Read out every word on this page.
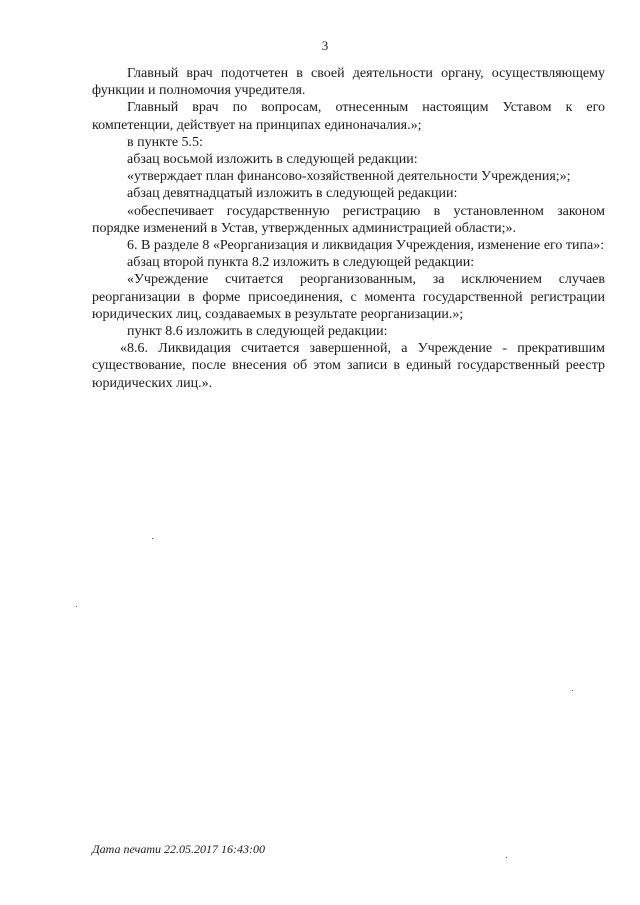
3

Главный врач подотчетен в своей деятельности органу, осуществляющему функции и полномочия учредителя.

Главный врач по вопросам, отнесенным настоящим Уставом к его компетенции, действует на принципах единоначалия.»;

в пункте 5.5:

абзац восьмой изложить в следующей редакции:

«утверждает план финансово-хозяйственной деятельности Учреждения;»;

абзац девятнадцатый изложить в следующей редакции:

«обеспечивает государственную регистрацию в установленном законом порядке изменений в Устав, утвержденных администрацией области;».

6. В разделе 8 «Реорганизация и ликвидация Учреждения, изменение его типа»:

абзац второй пункта 8.2 изложить в следующей редакции:

«Учреждение считается реорганизованным, за исключением случаев реорганизации в форме присоединения, с момента государственной регистрации юридических лиц, создаваемых в результате реорганизации.»;

пункт 8.6 изложить в следующей редакции:

«8.6. Ликвидация считается завершенной, а Учреждение - прекратившим существование, после внесения об этом записи в единый государственный реестр юридических лиц.».

Дата печати 22.05.2017 16:43:00
